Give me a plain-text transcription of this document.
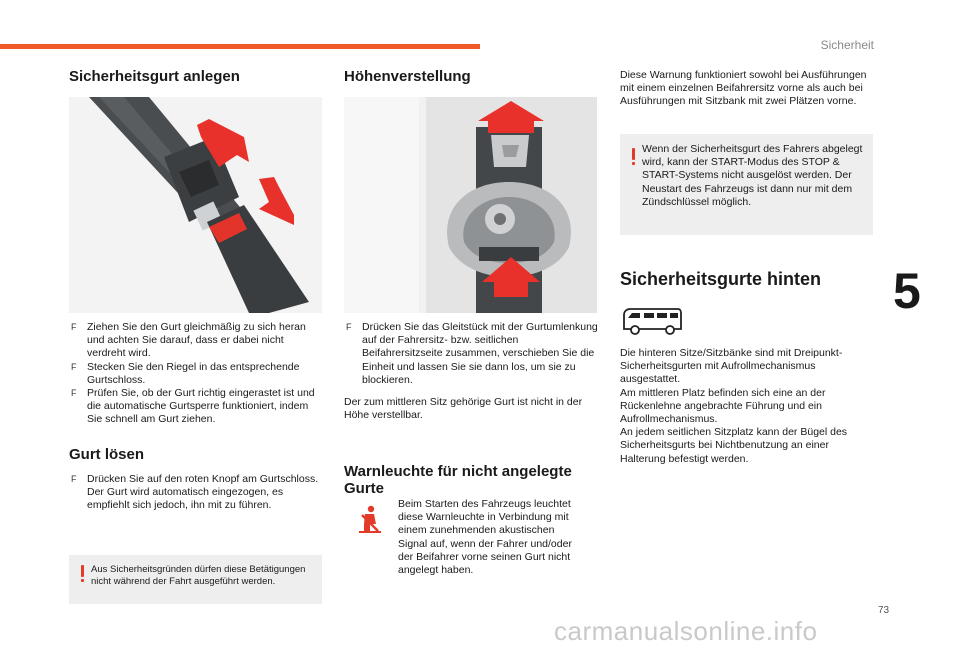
Sicherheit
5
73
carmanualsonline.info
Sicherheitsgurt anlegen
F Ziehen Sie den Gurt gleichmäßig zu sich heran und achten Sie darauf, dass er dabei nicht verdreht wird.
F Stecken Sie den Riegel in das entsprechende Gurtschloss.
F Prüfen Sie, ob der Gurt richtig eingerastet ist und die automatische Gurtsperre funktioniert, indem Sie schnell am Gurt ziehen.
Gurt lösen
F Drücken Sie auf den roten Knopf am Gurtschloss. Der Gurt wird automatisch eingezogen, es empfiehlt sich jedoch, ihn mit zu führen.
Aus Sicherheitsgründen dürfen diese Betätigungen nicht während der Fahrt ausgeführt werden.
Höhenverstellung
F Drücken Sie das Gleitstück mit der Gurtumlenkung auf der Fahrersitz- bzw. seitlichen Beifahrersitzseite zusammen, verschieben Sie die Einheit und lassen Sie sie dann los, um sie zu blockieren.
Der zum mittleren Sitz gehörige Gurt ist nicht in der Höhe verstellbar.
Warnleuchte für nicht angelegte Gurte
Beim Starten des Fahrzeugs leuchtet diese Warnleuchte in Verbindung mit einem zunehmenden akustischen Signal auf, wenn der Fahrer und/oder der Beifahrer vorne seinen Gurt nicht angelegt haben.
Diese Warnung funktioniert sowohl bei Ausführungen mit einem einzelnen Beifahrersitz vorne als auch bei Ausführungen mit Sitzbank mit zwei Plätzen vorne.
Wenn der Sicherheitsgurt des Fahrers abgelegt wird, kann der START-Modus des STOP & START-Systems nicht ausgelöst werden. Der Neustart des Fahrzeugs ist dann nur mit dem Zündschlüssel möglich.
Sicherheitsgurte hinten
Die hinteren Sitze/Sitzbänke sind mit Dreipunkt-Sicherheitsgurten mit Aufrollmechanismus ausgestattet.
Am mittleren Platz befinden sich eine an der Rückenlehne angebrachte Führung und ein Aufrollmechanismus.
An jedem seitlichen Sitzplatz kann der Bügel des Sicherheitsgurts bei Nichtbenutzung an einer Halterung befestigt werden.
